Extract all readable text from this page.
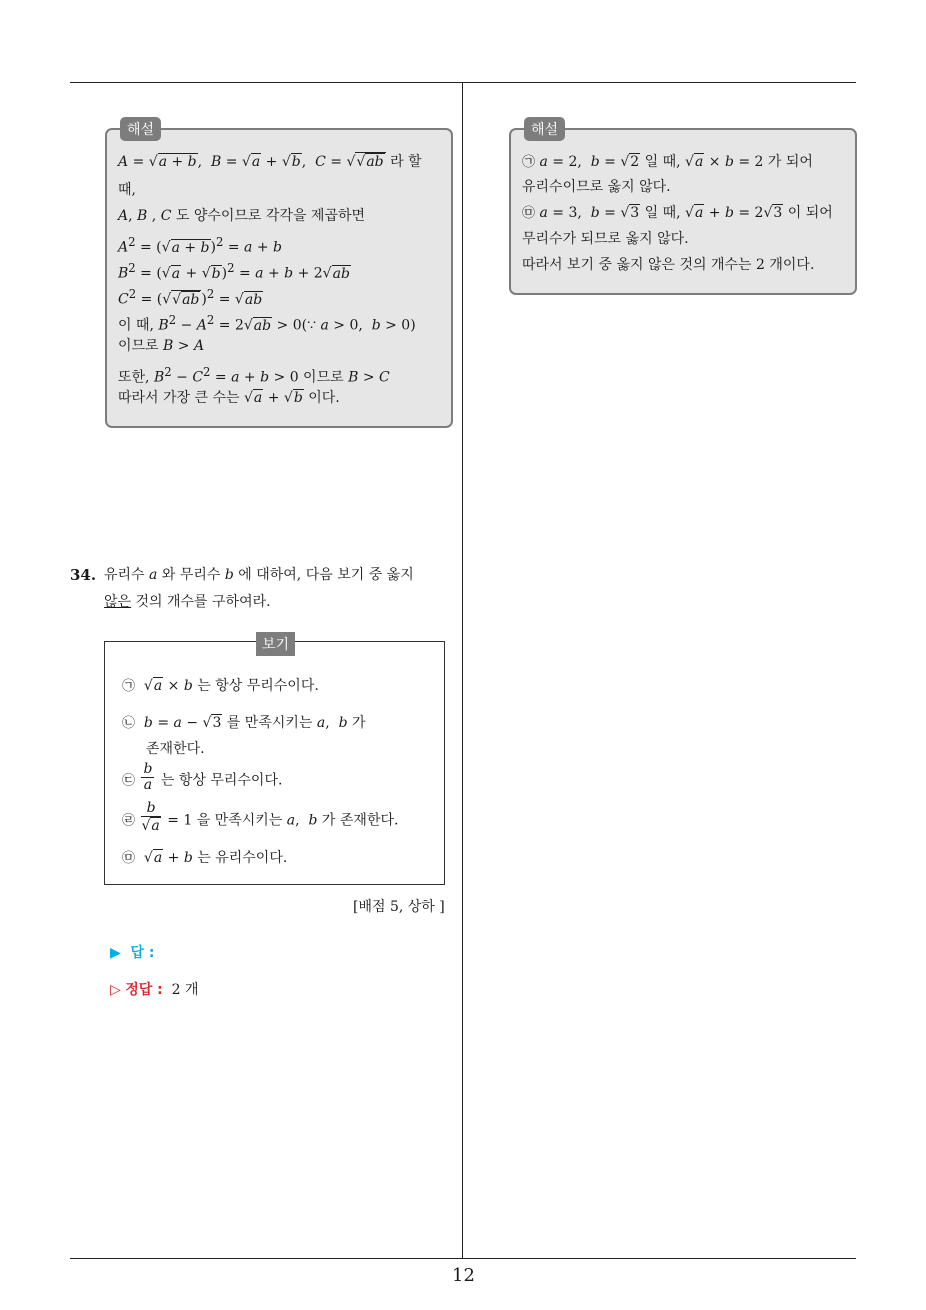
해설
A = √a + b,  B = √a + √b,  C = √√ab 라 할
때,
A, B , C 도 양수이므로 각각을 제곱하면
$A^2 = (√a + b)^2 = a + b$
$B^2 = (√a + √b)^2 = a + b + 2√ab$
$C^2 = (√√ab$ )$^2$ = √ab
이 때, $B^2 - A^2 = 2√ab$ > 0(∵ a > 0,  b > 0)
이므로 B > A
또한, $B^2 - C^2 = a + b > 0$ 이므로 B > C
따라서 가장 큰 수는 √a + √b 이다.
해설
㉠ a = 2,  b = √2 일 때, √a × b = 2 가 되어
유리수이므로 옳지 않다.
㉤ a = 3,  b = √3 일 때, √a + b = 2√3 이 되어
무리수가 되므로 옳지 않다.
따라서 보기 중 옳지 않은 것의 개수는 2 개이다.
34. 유리수 a 와 무리수 b 에 대하여, 다음 보기 중 옳지
않은 것의 개수를 구하여라.
보기
㉠  √a × b 는 항상 무리수이다.
㉡ b = a − √3 를 만족시키는 a,  b 가
존재한다.
㉢ $\frac{b}{a}$ 는 항상 무리수이다.
㉣ $\frac{b}{√a} = 1$ 을 만족시키는 a,  b 가 존재한다.
㉤  √a + b 는 유리수이다.
[배점 5, 상하 ]
▶ 답 :
▷ 정답 : 2 개
12
